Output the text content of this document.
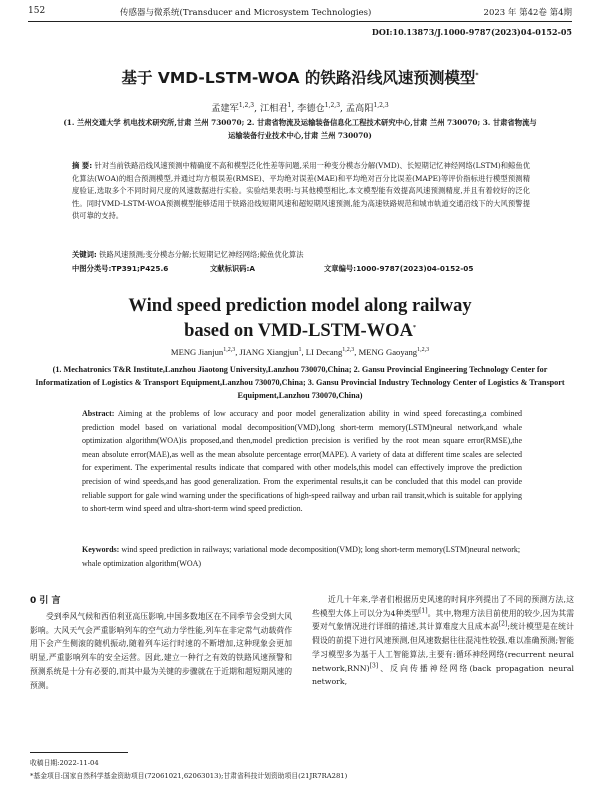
152	传感器与微系统(Transducer and Microsystem Technologies)	2023 年 第42卷 第4期
DOI:10.13873/J.1000-9787(2023)04-0152-05
基于 VMD-LSTM-WOA 的铁路沿线风速预测模型*
孟建军$^{1,2,3}$, 江相君$^1$, 李德仓$^{1,2,3}$, 孟高阳$^{1,2,3}$
(1. 兰州交通大学 机电技术研究所,甘肃 兰州 730070; 2. 甘肃省物流及运输装备信息化工程技术研究中心,甘肃 兰州 730070; 3. 甘肃省物流与运输装备行业技术中心,甘肃 兰州 730070)
摘 要: 针对当前铁路沿线风速预测中精确度不高和模型泛化性差等问题,采用一种变分模态分解(VMD)、长短期记忆神经网络(LSTM)和鲸鱼优化算法(WOA)的组合预测模型,并通过均方根误差(RMSE)、平均绝对误差(MAE)和平均绝对百分比误差(MAPE)等评价指标进行模型预测精度验证,选取多个不同时间尺度的风速数据进行实验。实验结果表明:与其他模型相比,本文模型能有效提高风速预测精度,并且有着较好的泛化性。同时VMD-LSTM-WOA预测模型能够适用于铁路沿线短期风速和超短期风速预测,能为高速铁路规范和城市轨道交通沿线下的大风预警提供可靠的支持。
关键词: 铁路风速预测;变分模态分解;长短期记忆神经网络;鲸鱼优化算法
中图分类号:TP391;P425.6	文献标识码:A	文章编号:1000-9787(2023)04-0152-05
Wind speed prediction model along railway
based on VMD-LSTM-WOA*
MENG Jianjun$^{1,2,3}$, JIANG Xiangjun$^1$, LI Decang$^{1,2,3}$, MENG Gaoyang$^{1,2,3}$
(1. Mechatronics T&R Institute,Lanzhou Jiaotong University,Lanzhou 730070,China; 2. Gansu Provincial Engineering Technology Center for Informatization of Logistics & Transport Equipment,Lanzhou 730070,China; 3. Gansu Provincial Industry Technology Center of Logistics & Transport Equipment,Lanzhou 730070,China)
Abstract: Aiming at the problems of low accuracy and poor model generalization ability in wind speed forecasting,a combined prediction model based on variational modal decomposition(VMD),long short-term memory(LSTM)neural network,and whale optimization algorithm(WOA)is proposed,and then,model prediction precision is verified by the root mean square error(RMSE),the mean absolute error(MAE),as well as the mean absolute percentage error(MAPE). A variety of data at different time scales are selected for experiment. The experimental results indicate that compared with other models,this model can effectively improve the prediction precision of wind speeds,and has good generalization. From the experimental results,it can be concluded that this model can provide reliable support for gale wind warning under the specifications of high-speed railway and urban rail transit,which is suitable for applying to short-term wind speed and ultra-short-term wind speed prediction.
Keywords: wind speed prediction in railways; variational mode decomposition(VMD); long short-term memory(LSTM)neural network; whale optimization algorithm(WOA)
0 引 言
受到季风气候和西伯利亚高压影响,中国多数地区在不同季节会受到大风影响。大风天气会严重影响列车的空气动力学性能,列车在非定常气动载荷作用下会产生侧滚的随机振动,随着列车运行时速的不断增加,这种现象会更加明显,严重影响列车的安全运营。因此,建立一种行之有效的铁路风速预警和预测系统是十分有必要的,而其中最为关键的步骤就在于近期和超短期风速的预测。
近几十年来,学者们根据历史风速的时间序列提出了不同的预测方法,这些模型大体上可以分为4种类型[1]。其中,物理方法目前使用的较少,因为其需要对气象情况进行详细的描述,其计算难度大且成本高[2];统计模型是在统计假设的前提下进行风速预测,但风速数据往往混沌性较强,难以准确预测;智能学习模型多为基于人工智能算法,主要有:循环神经网络(recurrent neural network,RNN)[3]、反向传播神经网络(back propagation neural network,
收稿日期:2022-11-04
*基金项目:国家自然科学基金资助项目(72061021,62063013);甘肃省科技计划资助项目(21JR7RA281)
